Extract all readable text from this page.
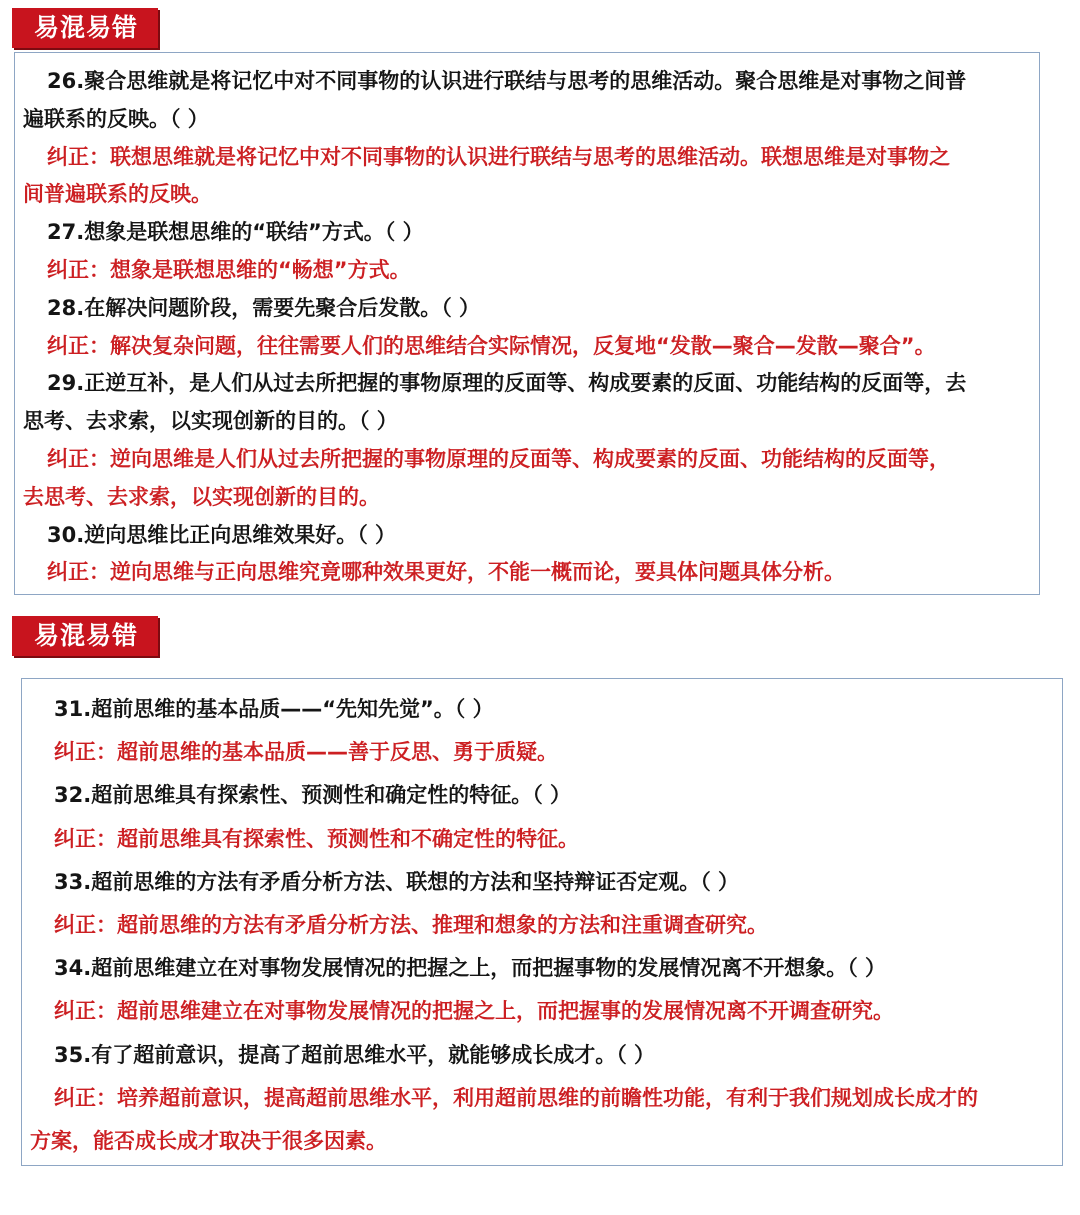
易混易错
26.聚合思维就是将记忆中对不同事物的认识进行联结与思考的思维活动。聚合思维是对事物之间普
遍联系的反映。（ ）
纠正：联想思维就是将记忆中对不同事物的认识进行联结与思考的思维活动。联想思维是对事物之
间普遍联系的反映。
27.想象是联想思维的“联结”方式。（ ）
纠正：想象是联想思维的“畅想”方式。
28.在解决问题阶段，需要先聚合后发散。（ ）
纠正：解决复杂问题，往往需要人们的思维结合实际情况，反复地“发散—聚合—发散—聚合”。
29.正逆互补，是人们从过去所把握的事物原理的反面等、构成要素的反面、功能结构的反面等，去
思考、去求索，以实现创新的目的。（ ）
纠正：逆向思维是人们从过去所把握的事物原理的反面等、构成要素的反面、功能结构的反面等，
去思考、去求索，以实现创新的目的。
30.逆向思维比正向思维效果好。（ ）
纠正：逆向思维与正向思维究竟哪种效果更好，不能一概而论，要具体问题具体分析。
易混易错
31.超前思维的基本品质——“先知先觉”。（ ）
纠正：超前思维的基本品质——善于反思、勇于质疑。
32.超前思维具有探索性、预测性和确定性的特征。（ ）
纠正：超前思维具有探索性、预测性和不确定性的特征。
33.超前思维的方法有矛盾分析方法、联想的方法和坚持辩证否定观。（ ）
纠正：超前思维的方法有矛盾分析方法、推理和想象的方法和注重调查研究。
34.超前思维建立在对事物发展情况的把握之上，而把握事物的发展情况离不开想象。（ ）
纠正：超前思维建立在对事物发展情况的把握之上，而把握事的发展情况离不开调查研究。
35.有了超前意识，提高了超前思维水平，就能够成长成才。（ ）
纠正：培养超前意识，提高超前思维水平，利用超前思维的前瞻性功能，有利于我们规划成长成才的
方案，能否成长成才取决于很多因素。
